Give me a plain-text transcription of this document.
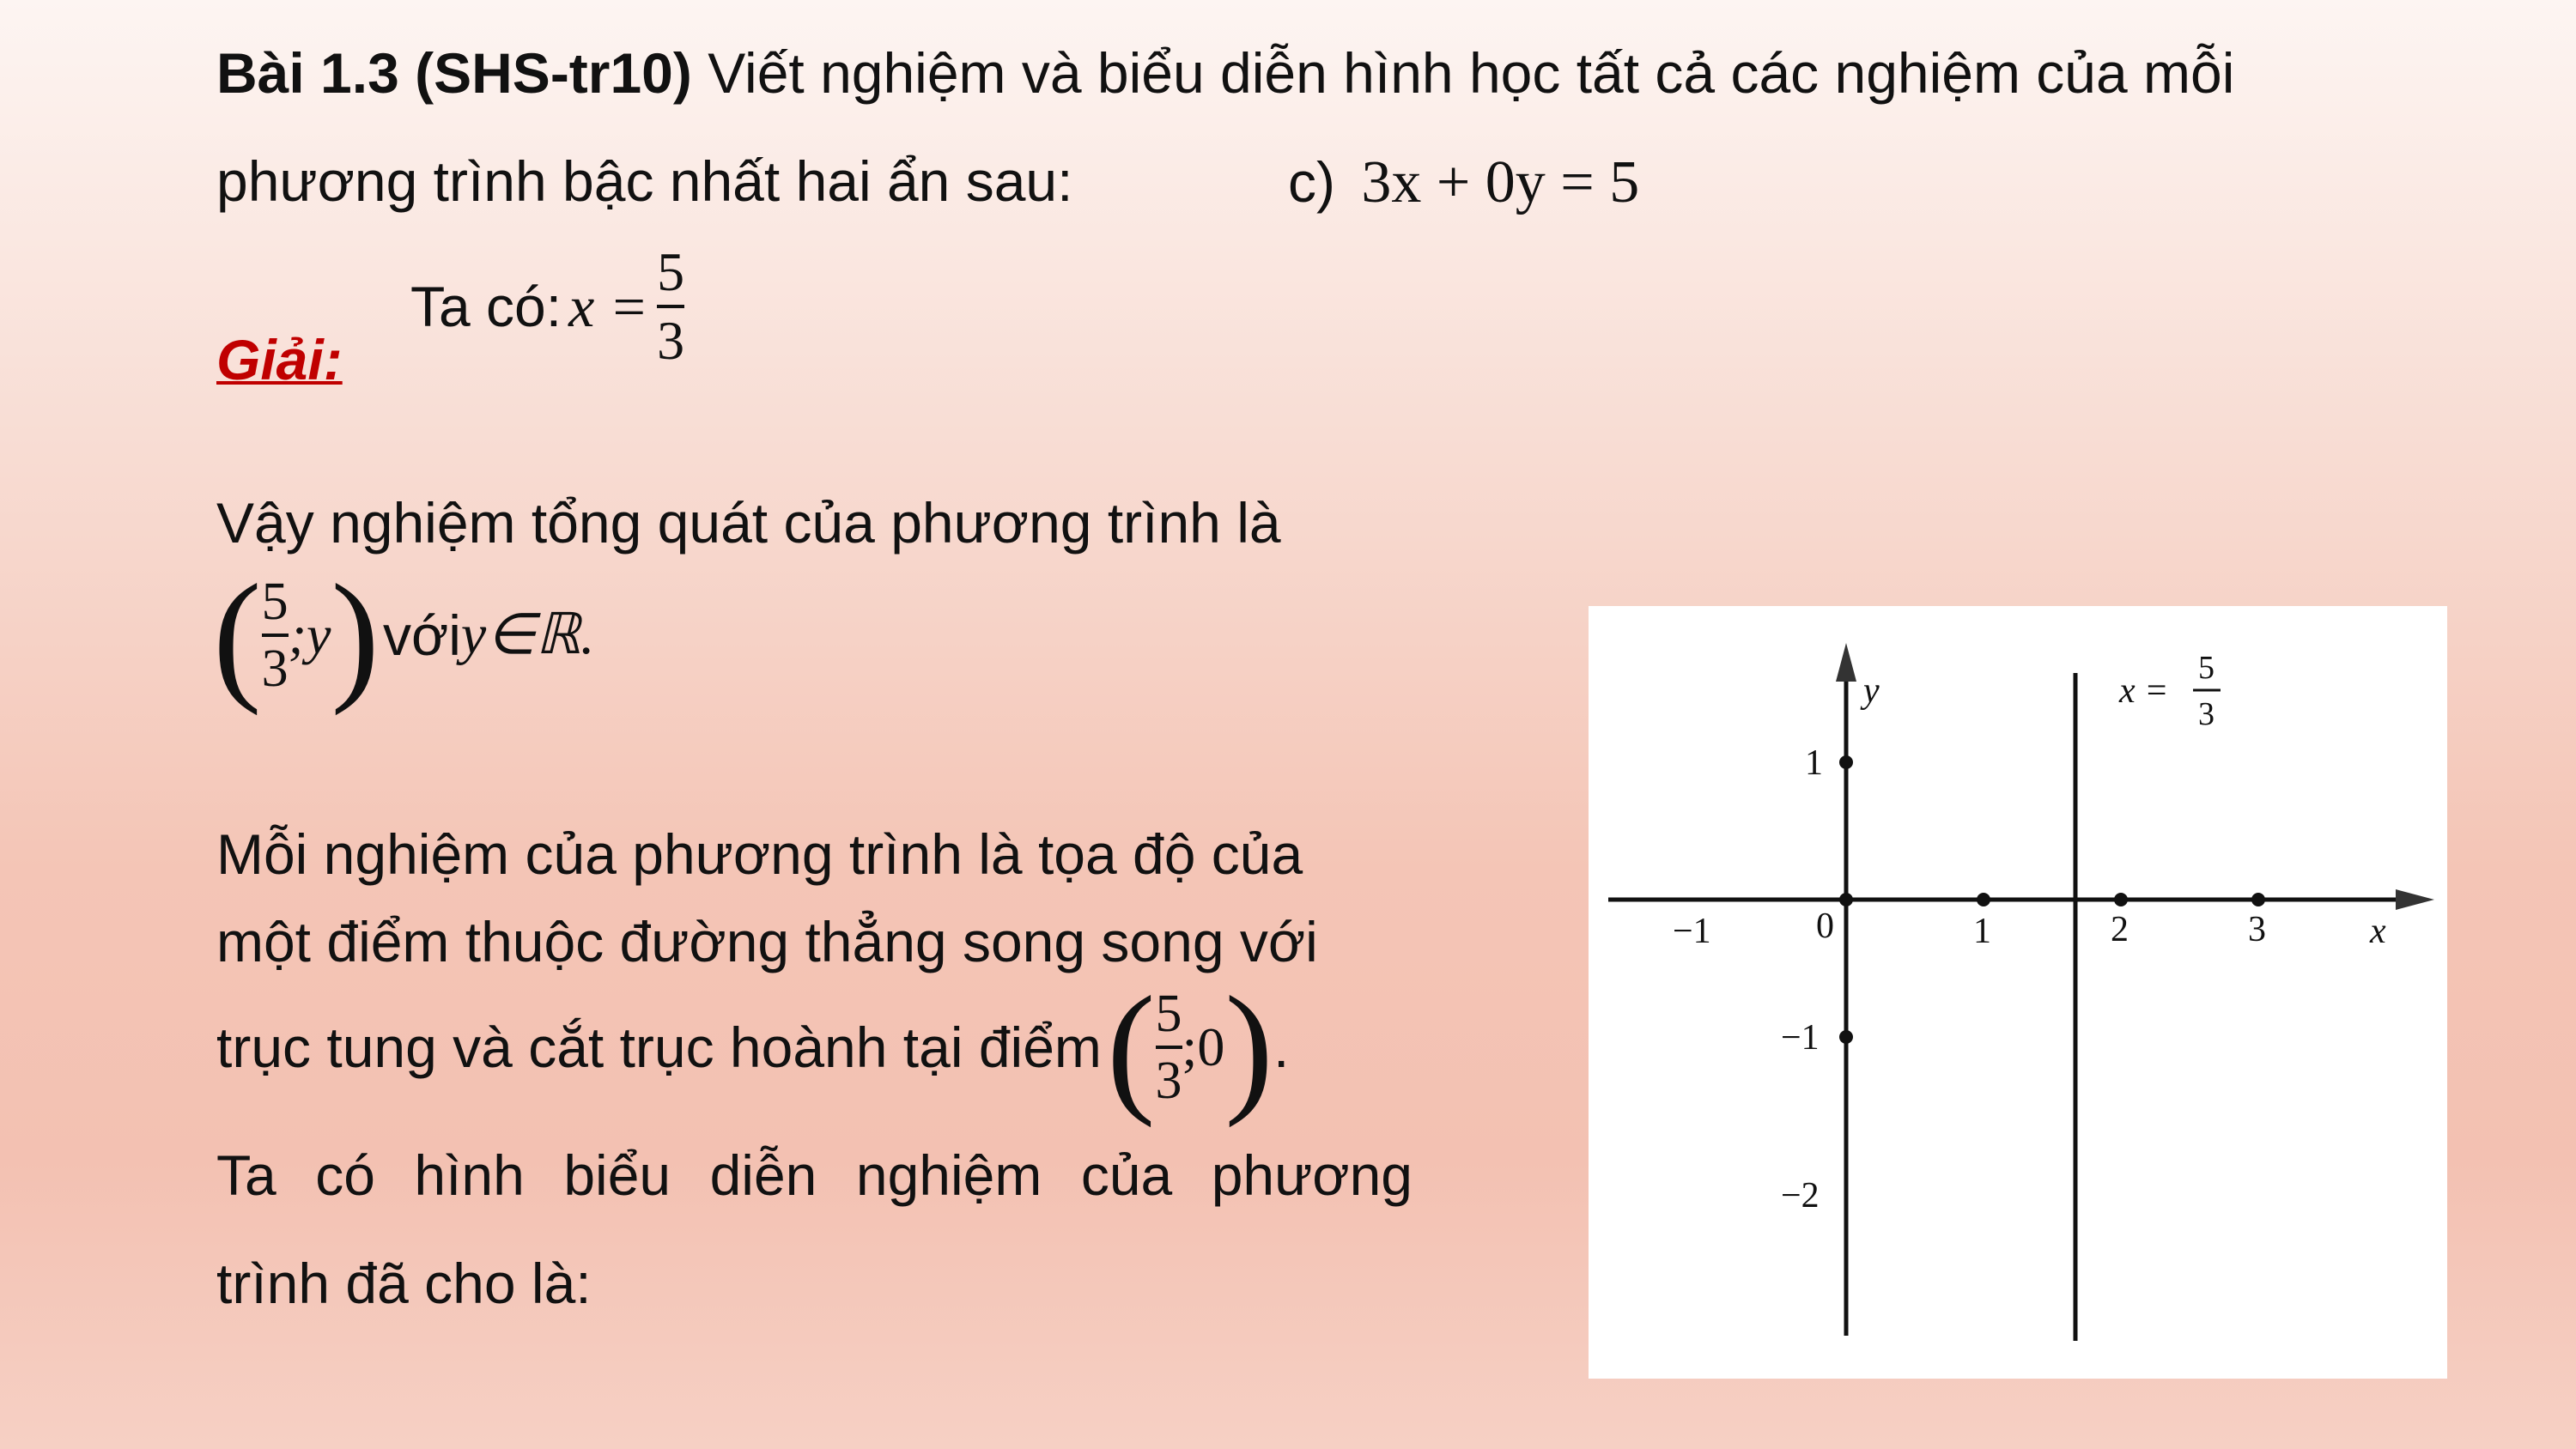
Bài 1.3 (SHS-tr10) Viết nghiệm và biểu diễn hình học tất cả các nghiệm của mỗi
phương trình bậc nhất hai ẩn sau:	c) 3x + 0y = 5
Giải:
Ta có: $x = \frac{5}{3}$
Vậy nghiệm tổng quát của phương trình là
( $\frac{5}{3}$ ;y ) với y∈ℝ.
Mỗi nghiệm của phương trình là tọa độ của
một điểm thuộc đường thẳng song song với
trục tung và cắt trục hoành tại điểm ( $\frac{5}{3}$ ;0 ) .
Ta có hình biểu diễn nghiệm của phương
trình đã cho là:
y
x
−1	0	1	2	3
1
−1
−2
x =
5
3
